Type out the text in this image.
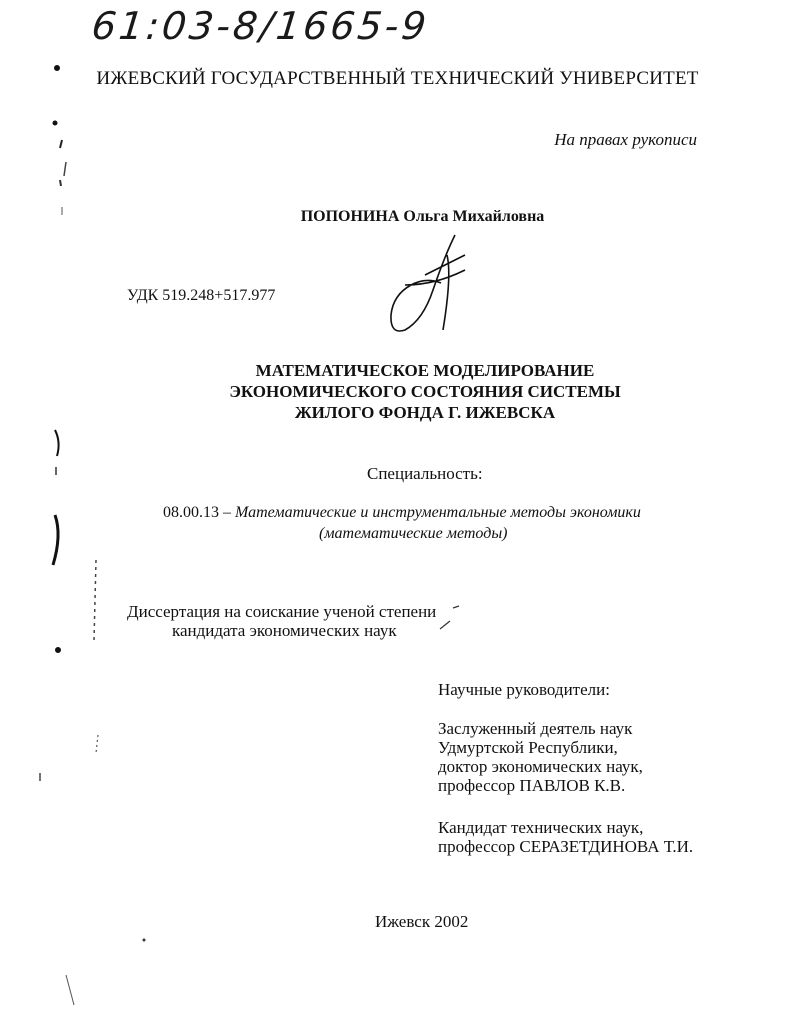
61:03-8/1665-9
ИЖЕВСКИЙ ГОСУДАРСТВЕННЫЙ ТЕХНИЧЕСКИЙ УНИВЕРСИТЕТ
На правах рукописи
ПОПОНИНА Ольга Михайловна
УДК 519.248+517.977
МАТЕМАТИЧЕСКОЕ МОДЕЛИРОВАНИЕ
ЭКОНОМИЧЕСКОГО СОСТОЯНИЯ СИСТЕМЫ
ЖИЛОГО ФОНДА Г. ИЖЕВСКА
Специальность:
08.00.13 – Математические и инструментальные методы экономики
(математические методы)
Диссертация на соискание ученой степени
кандидата экономических наук
Научные руководители:
Заслуженный деятель наук
Удмуртской Республики,
доктор экономических наук,
профессор ПАВЛОВ К.В.
Кандидат технических наук,
профессор СЕРАЗЕТДИНОВА Т.И.
Ижевск 2002
